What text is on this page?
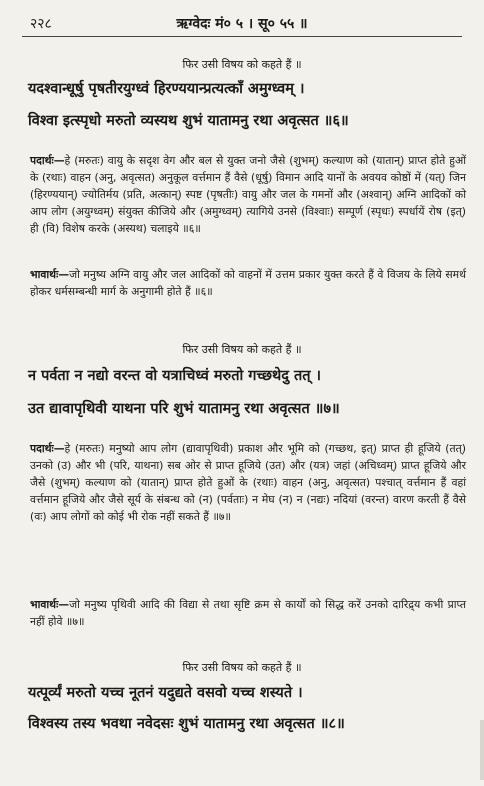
२२८	ऋग्वेदः मं० ५ । सू० ५५ ॥
फिर उसी विषय को कहते हैं ॥
यदश्वान्धूर्षु पृषतीरयुग्ध्वं हिरण्ययान्प्रत्यत्काँ अमुग्ध्वम् ।
विश्वा इत्स्पृधो मरुतो व्यस्यथ शुभं यातामनु रथा अवृत्सत ॥६॥
पदार्थः—हे (मरुतः) वायु के सदृश वेग और बल से युक्त जनो जैसे (शुभम्) कल्याण को (यातान्) प्राप्त होते हुओं के (रथाः) वाहन (अनु, अवृत्सत) अनुकूल वर्त्तमान हैं वैसे (धूर्षु) विमान आदि यानों के अवयव कोष्ठों में (यत्) जिन (हिरण्ययान्) ज्योतिर्मय (प्रति, अत्कान्) स्पष्ट (पृषतीः) वायु और जल के गमनों और (अश्वान्) अग्नि आदिकों को आप लोग (अयुग्ध्वम्) संयुक्त कीजिये और (अमुग्ध्वम्) त्यागिये उनसे (विश्वाः) सम्पूर्ण (स्पृधः) स्पर्धायें रोष (इत्) ही (वि) विशेष करके (अस्यथ) चलाइये ॥६॥
भावार्थः—जो मनुष्य अग्नि वायु और जल आदिकों को वाहनों में उत्तम प्रकार युक्त करते हैं वे विजय के लिये समर्थ होकर धर्मसम्बन्धी मार्ग के अनुगामी होते हैं ॥६॥
फिर उसी विषय को कहते हैं ॥
न पर्वता न नद्यो वरन्त वो यत्राचिध्वं मरुतो गच्छथेदु तत् ।
उत द्यावापृथिवी याथना परि शुभं यातामनु रथा अवृत्सत ॥७॥
पदार्थः—हे (मरुतः) मनुष्यो आप लोग (द्यावापृथिवी) प्रकाश और भूमि को (गच्छथ, इत्) प्राप्त ही हूजिये (तत्) उनको (उ) और भी (परि, याथना) सब ओर से प्राप्त हूजिये (उत) और (यत्र) जहां (अचिध्वम्) प्राप्त हूजिये और जैसे (शुभम्) कल्याण को (यातान्) प्राप्त होते हुओं के (रथाः) वाहन (अनु, अवृत्सत) पश्चात् वर्त्तमान हैं वहां वर्त्तमान हूजिये और जैसे सूर्य के संबन्ध को (न) (पर्वताः) न मेघ (न) न (नद्यः) नदियां (वरन्त) वारण करती हैं वैसे (वः) आप लोगों को कोई भी रोक नहीं सकते हैं ॥७॥
भावार्थः—जो मनुष्य पृथिवी आदि की विद्या से तथा सृष्टि क्रम से कार्यों को सिद्ध करें उनको दारिद्र्य कभी प्राप्त नहीं होवे ॥७॥
फिर उसी विषय को कहते हैं ॥
यत्पूर्व्यं मरुतो यच्च नूतनं यदुद्यते वसवो यच्च शस्यते ।
विश्वस्य तस्य भवथा नवेदसः शुभं यातामनु रथा अवृत्सत ॥८॥
